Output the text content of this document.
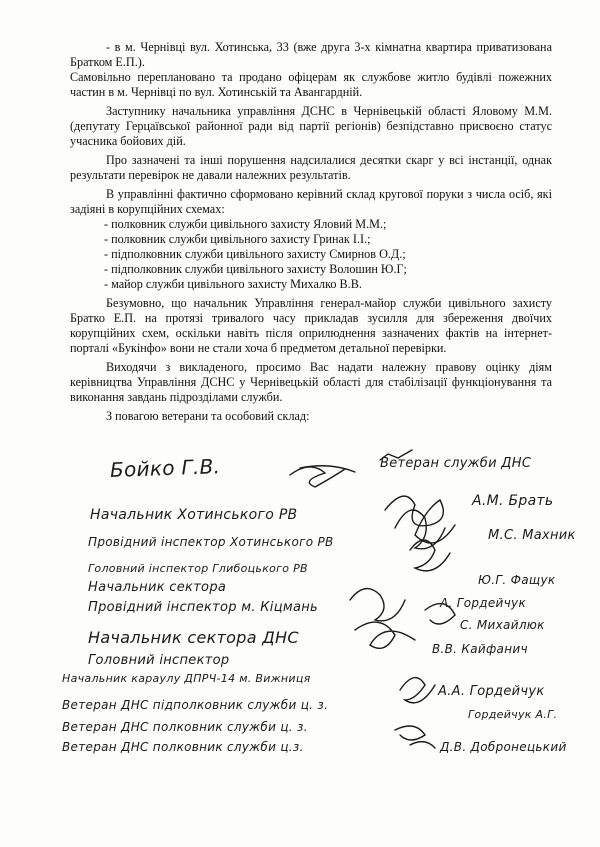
- в м. Чернівці вул. Хотинська, 33 (вже друга 3-х кімнатна квартира приватизована Братком Е.П.).

Самовільно переплановано та продано офіцерам як службове житло будівлі пожежних частин в м. Чернівці по вул. Хотинській та Авангардній.

Заступнику начальника управління ДСНС в Чернівецькій області Яловому М.М. (депутату Герцаївської районної ради від партії регіонів) безпідставно присвоєно статус учасника бойових дій.

Про зазначені та інші порушення надсилалися десятки скарг у всі інстанції, однак результати перевірок не давали належних результатів.

В управлінні фактично сформовано керівний склад кругової поруки з числа осіб, які задіяні в корупційних схемах:

- полковник служби цивільного захисту Яловий М.М.;

- полковник служби цивільного захисту Гринак І.І.;

- підполковник служби цивільного захисту Смирнов О.Д.;

- підполковник служби цивільного захисту Волошин Ю.Г;

- майор служби цивільного захисту Михалко В.В.

Безумовно, що начальник Управління генерал-майор служби цивільного захисту Братко Е.П. на протязі тривалого часу прикладав зусилля для збереження двоїчих корупційних схем, оскільки навіть після оприлюднення зазначених фактів на інтернет-порталі «Букінфо» вони не стали хоча б предметом детальної перевірки.

Виходячи з викладеного, просимо Вас надати належну правову оцінку діям керівництва Управління ДСНС у Чернівецькій області для стабілізації функціонування та виконання завдань підрозділами служби.

З повагою ветерани та особовий склад:

Бойко Г.В.	Ветеран служби ДНС
А.М. Брать
Начальник Хотинського РВ
М.С. Махник
Провідний інспектор Хотинського РВ
Головний інспектор Глибоцького РВ
Ю.Г. Фащук
Начальник сектора
А. Гордейчук
Провідний інспектор м. Кіцмань
С. Михайлюк
Начальник сектора ДНС
Головний інспектор
В.В. Кайфанич
Начальник караулу ДПРЧ-14 м. Вижниця
А.А. Гордейчук
Ветеран ДНС підполковник служби ц. з.
Ветеран ДНС полковник служби ц. з.
Гордейчук А.Г.
Ветеран ДНС полковник служби ц.з.	Д.В. Добронецький
